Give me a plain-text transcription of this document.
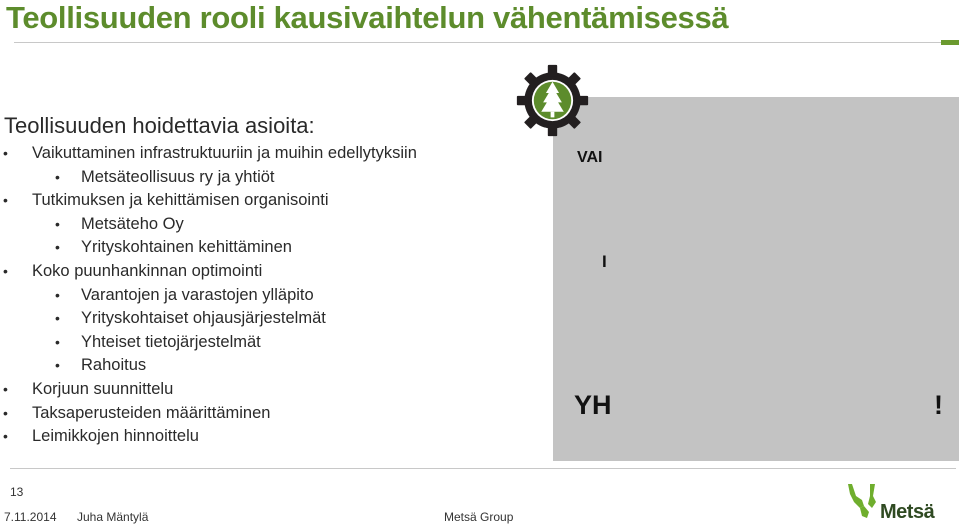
Teollisuuden rooli kausivaihtelun vähentämisessä
Teollisuuden hoidettavia asioita:
• Vaikuttaminen infrastruktuuriin ja muihin edellytyksiin
• Metsäteollisuus ry ja yhtiöt
• Tutkimuksen ja kehittämisen organisointi
• Metsäteho Oy
• Yrityskohtainen kehittäminen
• Koko puunhankinnan optimointi
• Varantojen ja varastojen ylläpito
• Yrityskohtaiset ohjausjärjestelmät
• Yhteiset tietojärjestelmät
• Rahoitus
• Korjuun suunnittelu
• Taksaperusteiden määrittäminen
• Leimikkojen hinnoittelu
VAI
I
YH	!
13
7.11.2014 Juha Mäntylä	Metsä Group	Metsä
